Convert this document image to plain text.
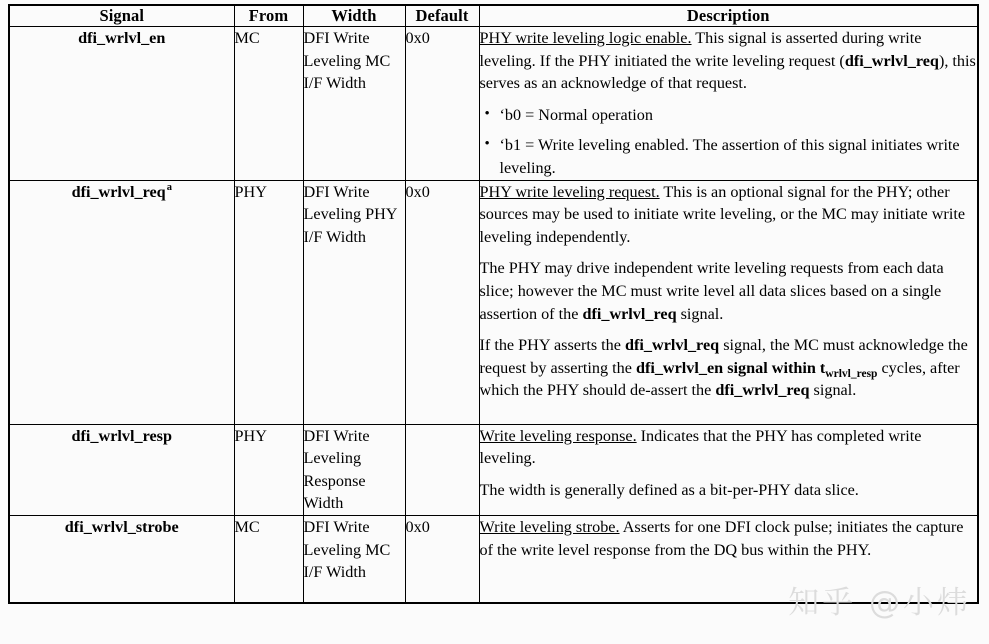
Signal	From	Width	Default	Description
dfi_wrlvl_en	MC	DFI Write Leveling MC I/F Width	0x0	PHY write leveling logic enable. This signal is asserted during write leveling. If the PHY initiated the write leveling request (dfi_wrlvl_req), this serves as an acknowledge of that request.

• ‘b0 = Normal operation
• ‘b1 = Write leveling enabled. The assertion of this signal initiates write leveling.

dfi_wrlvl_req$^a$	PHY	DFI Write Leveling PHY I/F Width	0x0	PHY write leveling request. This is an optional signal for the PHY; other sources may be used to initiate write leveling, or the MC may initiate write leveling independently.

The PHY may drive independent write leveling requests from each data slice; however the MC must write level all data slices based on a single assertion of the dfi_wrlvl_req signal.

If the PHY asserts the dfi_wrlvl_req signal, the MC must acknowledge the request by asserting the dfi_wrlvl_en signal within $t_{wrlvl\_resp}$ cycles, after which the PHY should de-assert the dfi_wrlvl_req signal.

dfi_wrlvl_resp	PHY	DFI Write Leveling Response Width		Write leveling response. Indicates that the PHY has completed write leveling.

The width is generally defined as a bit-per-PHY data slice.

dfi_wrlvl_strobe	MC	DFI Write Leveling MC I/F Width	0x0	Write leveling strobe. Asserts for one DFI clock pulse; initiates the capture of the write level response from the DQ bus within the PHY.

知乎 @小炜
